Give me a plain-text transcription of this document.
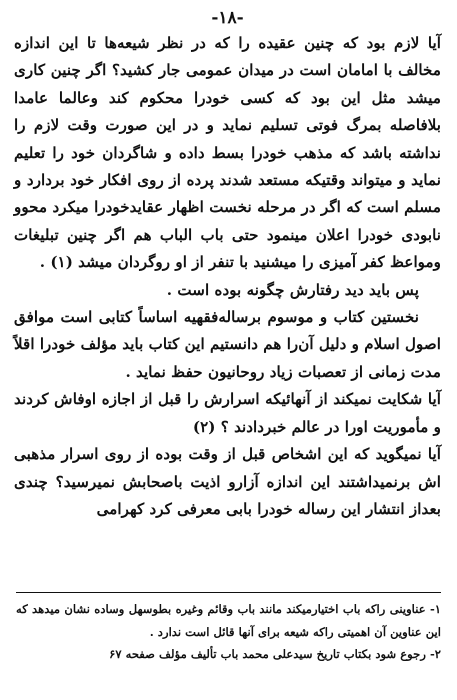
-۱۸-

آیا لازم بود که چنین عقیده را که در نظر شیعه‌ها تا این اندازه مخالف با امامان است در میدان عمومی جار کشید؟ اگر چنین کاری میشد مثل این بود که کسی خودرا محکوم کند وعالما عامدا بلافاصله بمرگ فوتی تسلیم نماید و در این صورت وقت لازم را نداشته باشد که مذهب خودرا بسط داده و شاگردان خود را تعلیم نماید و میتواند وقتیکه مستعد شدند پرده از روی افکار خود بردارد و مسلم است که اگر در مرحله نخست اظهار عقایدخودرا میکرد محوو نابودی خودرا اعلان مینمود حتی باب الباب هم اگر چنین تبلیغات ومواعظ کفر آمیزی را میشنید با تنفر از او روگردان میشد (۱) .

پس باید دید رفتارش چگونه بوده است .

نخستین کتاب و موسوم برساله‌فقهیه اساساً کتابی است موافق اصول اسلام و دلیل آن‌را هم دانستیم این کتاب باید مؤلف خودرا اقلاً مدت زمانی از تعصبات زیاد روحانیون حفظ نماید .

آیا شکایت نمیکند از آنهائیکه اسرارش را قبل از اجازه اوفاش کردند و مأموریت اورا در عالم خبردادند ؟ (۲)

آیا نمیگوید که این اشخاص قبل از وقت بوده از روی اسرار مذهبی اش برنمیداشتند این اندازه آزارو اذیت باصحابش نمیرسید؟ چندی بعداز انتشار این رساله خودرا بابی معرفی کرد کهرامی

۱- عناوینی راکه باب اختیارمیکند مانند باب وقائم وغیره بطوسهل وساده نشان میدهد که این عناوین آن اهمیتی راکه شیعه برای آنها قائل است ندارد .

۲- رجوع شود بکتاب تاریخ سیدعلی محمد باب تألیف مؤلف صفحه ۶۷
